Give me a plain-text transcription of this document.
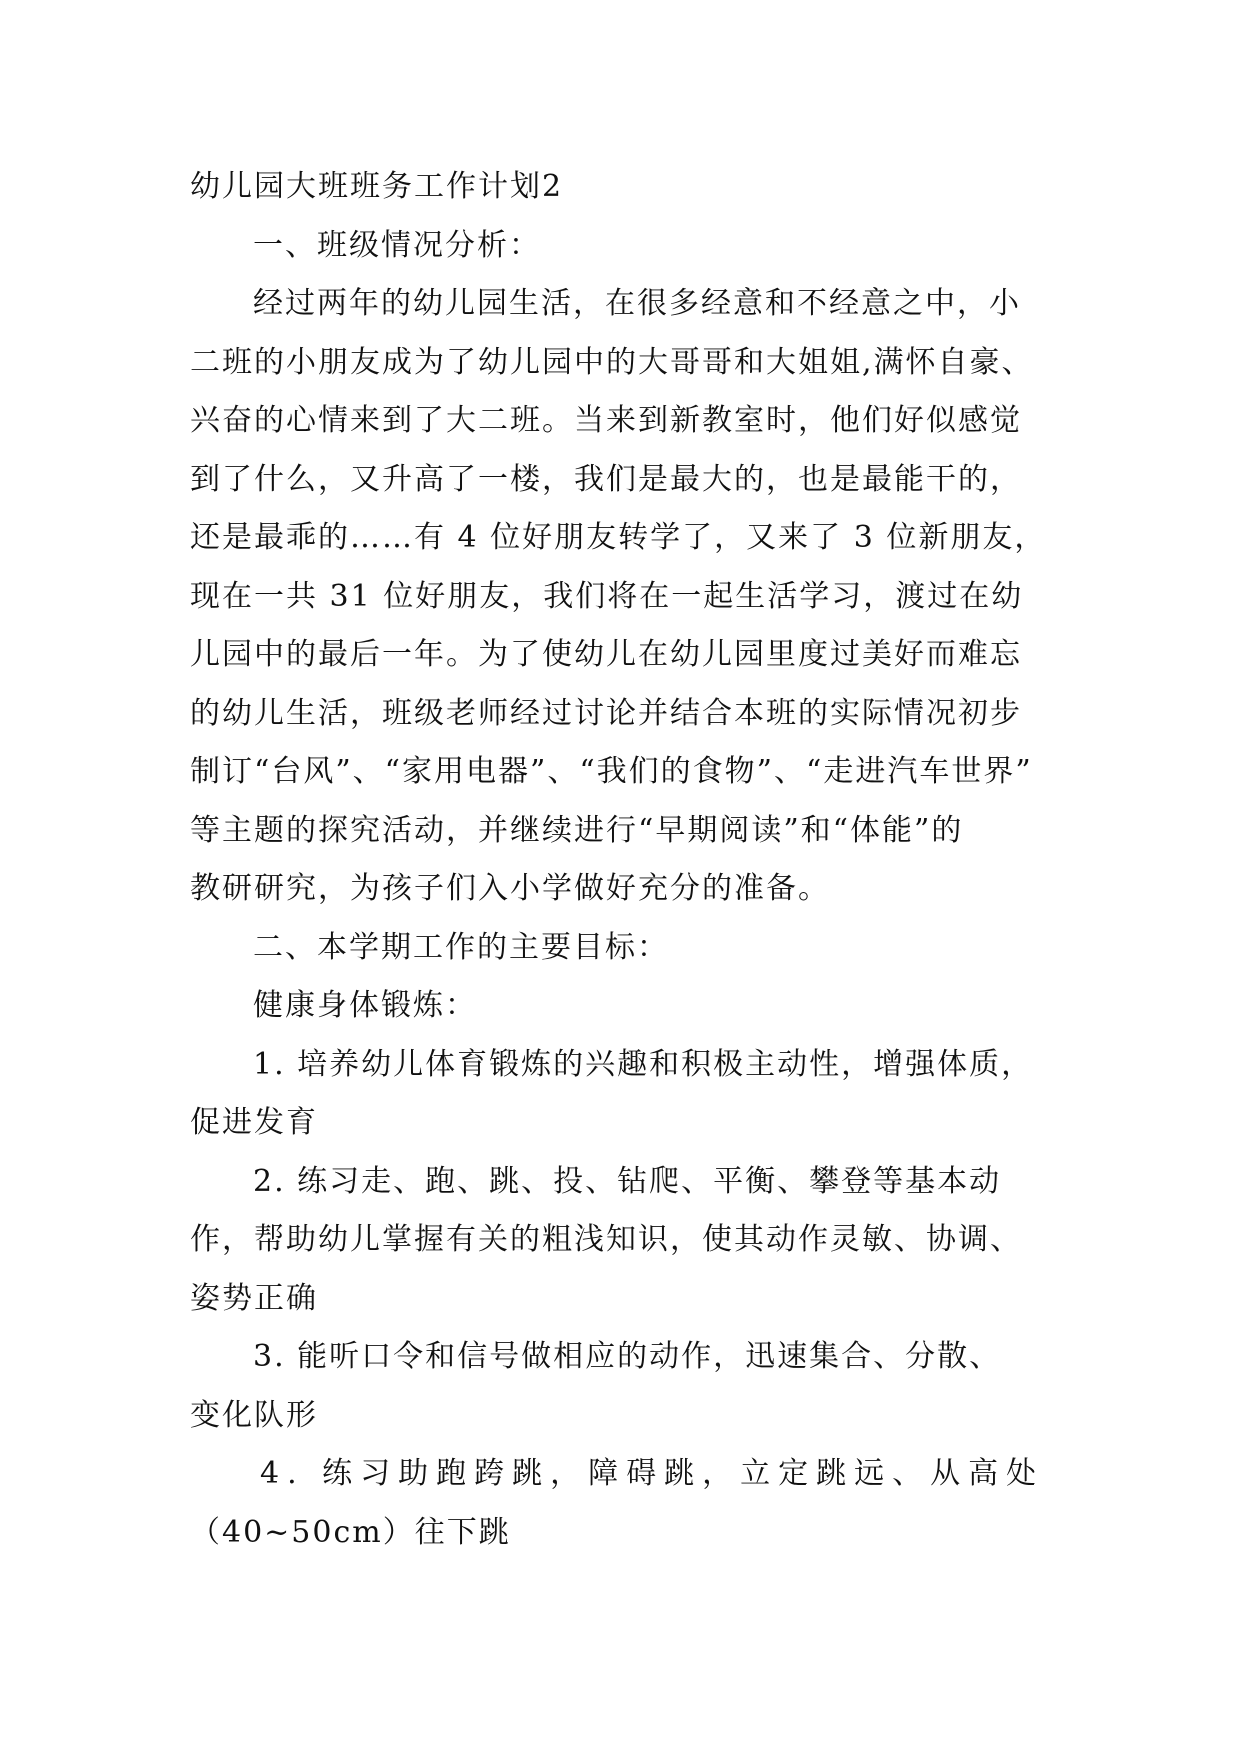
幼儿园大班班务工作计划2
一、班级情况分析：
经过两年的幼儿园生活，在很多经意和不经意之中，小
二班的小朋友成为了幼儿园中的大哥哥和大姐姐,满怀自豪、
兴奋的心情来到了大二班。当来到新教室时，他们好似感觉
到了什么，又升高了一楼，我们是最大的，也是最能干的，
还是最乖的……有 4 位好朋友转学了，又来了 3 位新朋友，
现在一共 31 位好朋友，我们将在一起生活学习，渡过在幼
儿园中的最后一年。为了使幼儿在幼儿园里度过美好而难忘
的幼儿生活，班级老师经过讨论并结合本班的实际情况初步
制订“台风”、“家用电器”、“我们的食物”、“走进汽车世界”
等主题的探究活动，并继续进行“早期阅读”和“体能”的
教研研究，为孩子们入小学做好充分的准备。
二、本学期工作的主要目标：
健康身体锻炼：
1. 培养幼儿体育锻炼的兴趣和积极主动性，增强体质，
促进发育
2. 练习走、跑、跳、投、钻爬、平衡、攀登等基本动
作，帮助幼儿掌握有关的粗浅知识，使其动作灵敏、协调、
姿势正确
3. 能听口令和信号做相应的动作，迅速集合、分散、
变化队形
4. 练习助跑跨跳，障碍跳，立定跳远、从高处
（40~50cm）往下跳
